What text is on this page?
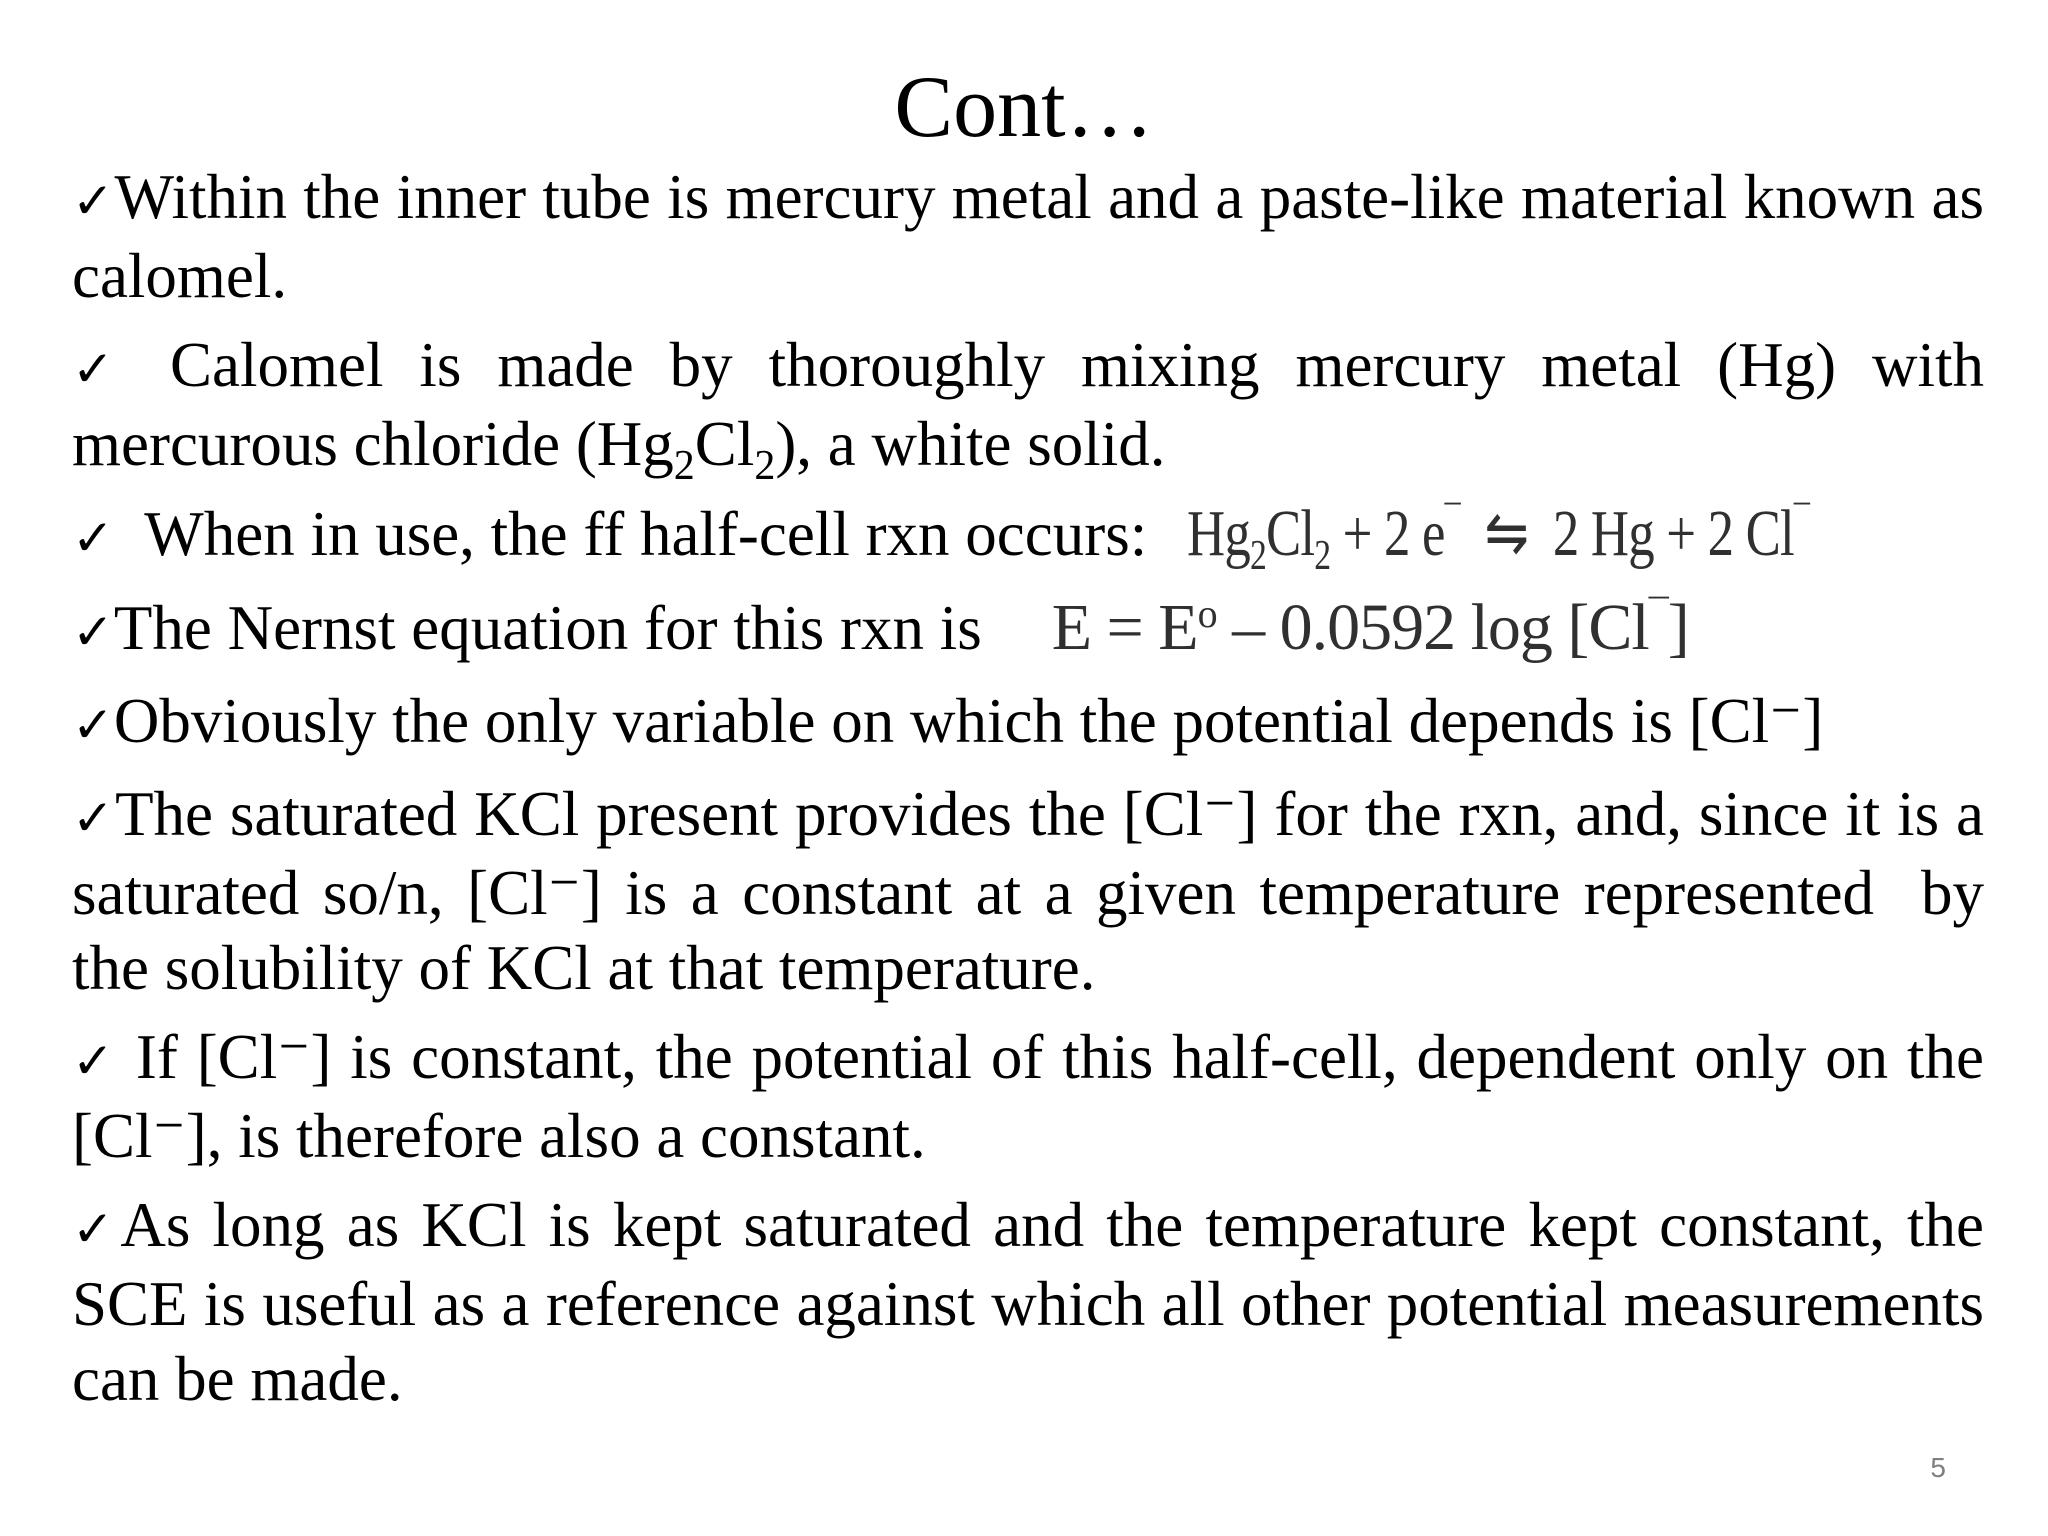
Cont…

✓Within the inner tube is mercury metal and a paste-like material known as calomel.

✓ Calomel is made by thoroughly mixing mercury metal (Hg) with mercurous chloride $(Hg_2Cl_2)$, a white solid.

✓ When in use, the ff half-cell rxn occurs: $Hg_2Cl_2 + 2$ e¯  ⇋  2 Hg + 2 Cl¯

✓ The Nernst equation for this rxn is $E = E^o - 0.0592$ log [Cl¯]

✓Obviously the only variable on which the potential depends is [Cl⁻]

✓The saturated KCl present provides the [Cl⁻] for the rxn, and, since it is a saturated so/n, [Cl⁻] is a constant at a given temperature represented  by the solubility of KCl at that temperature.

✓ If [Cl⁻] is constant, the potential of this half-cell, dependent only on the [Cl⁻], is therefore also a constant.

✓As long as KCl is kept saturated and the temperature kept constant, the SCE is useful as a reference against which all other potential measurements can be made.

5
